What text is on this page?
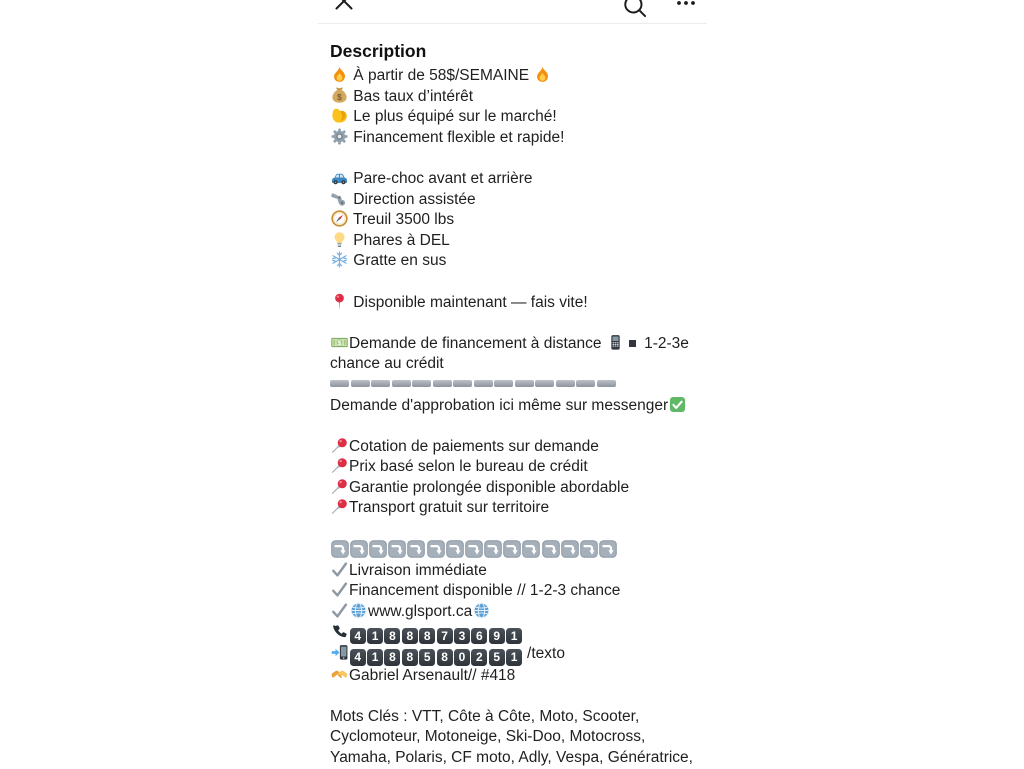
Description
À partir de 58$/SEMAINE
$ Bas taux d’intérêt
Le plus équipé sur le marché!
Financement flexible et rapide!
Pare-choc avant et arrière
Direction assistée
Treuil 3500 lbs
Phares à DEL
Gratte en sus
Disponible maintenant — fais vite!
$ Demande de financement à distance
1-2-3e chance au crédit
Demande d'approbation ici même sur messenger
Cotation de paiements sur demande
Prix basé selon le bureau de crédit
Garantie prolongée disponible abordable
Transport gratuit sur territoire
Livraison immédiate
Financement disponible // 1-2-3 chance
www.glsport.ca
4 1 8 8 8 7 3 6 9 1
4 1 8 8 5 8 0 2 5 1 /texto
Gabriel Arsenault// #418
Mots Clés : VTT, Côte à Côte, Moto, Scooter, Cyclomoteur, Motoneige, Ski-Doo, Motocross, Yamaha, Polaris, CF moto, Adly, Vespa, Génératrice,
